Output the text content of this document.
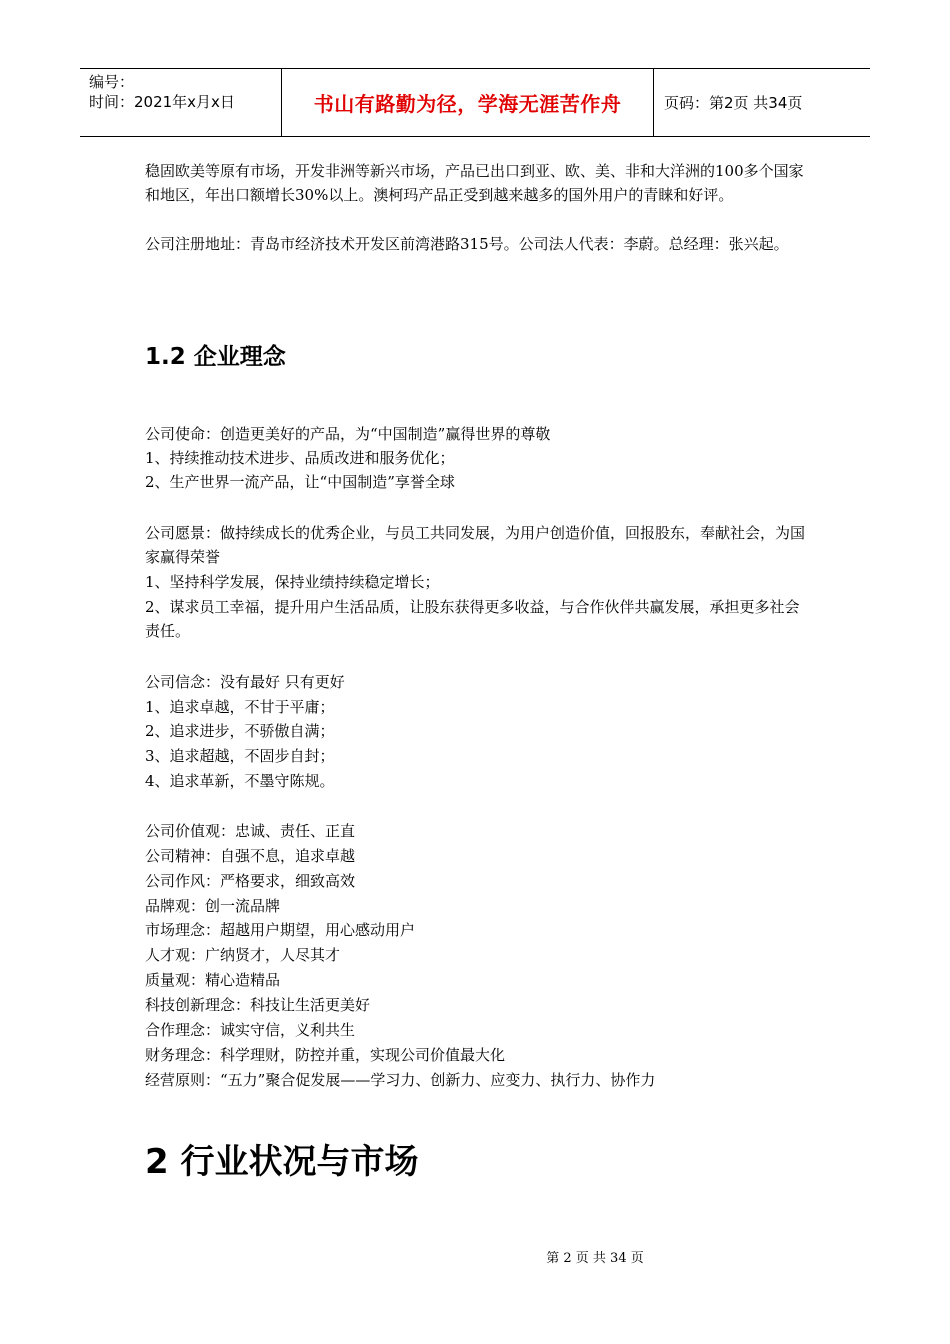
编号：
时间：2021年x月x日	书山有路勤为径，学海无涯苦作舟	页码：第2页 共34页
稳固欧美等原有市场，开发非洲等新兴市场，产品已出口到亚、欧、美、非和大洋洲的100多个国家和地区，年出口额增长30%以上。澳柯玛产品正受到越来越多的国外用户的青睐和好评。
公司注册地址：青岛市经济技术开发区前湾港路315号。公司法人代表：李蔚。总经理：张兴起。
公司使命：创造更美好的产品，为“中国制造”赢得世界的尊敬
1、持续推动技术进步、品质改进和服务优化；
2、生产世界一流产品，让“中国制造”享誉全球
公司愿景：做持续成长的优秀企业，与员工共同发展，为用户创造价值，回报股东，奉献社会，为国家赢得荣誉
1、坚持科学发展，保持业绩持续稳定增长；
2、谋求员工幸福，提升用户生活品质，让股东获得更多收益，与合作伙伴共赢发展，承担更多社会责任。
公司信念：没有最好 只有更好
1、追求卓越，不甘于平庸；
2、追求进步，不骄傲自满；
3、追求超越，不固步自封；
4、追求革新，不墨守陈规。
公司价值观：忠诚、责任、正直
公司精神：自强不息，追求卓越
公司作风：严格要求，细致高效
品牌观：创一流品牌
市场理念：超越用户期望，用心感动用户
人才观：广纳贤才，人尽其才
质量观：精心造精品
科技创新理念：科技让生活更美好
合作理念：诚实守信，义利共生
财务理念：科学理财，防控并重，实现公司价值最大化
经营原则：“五力”聚合促发展——学习力、创新力、应变力、执行力、协作力
1.2 企业理念
2 行业状况与市场
第 2 页 共 34 页
